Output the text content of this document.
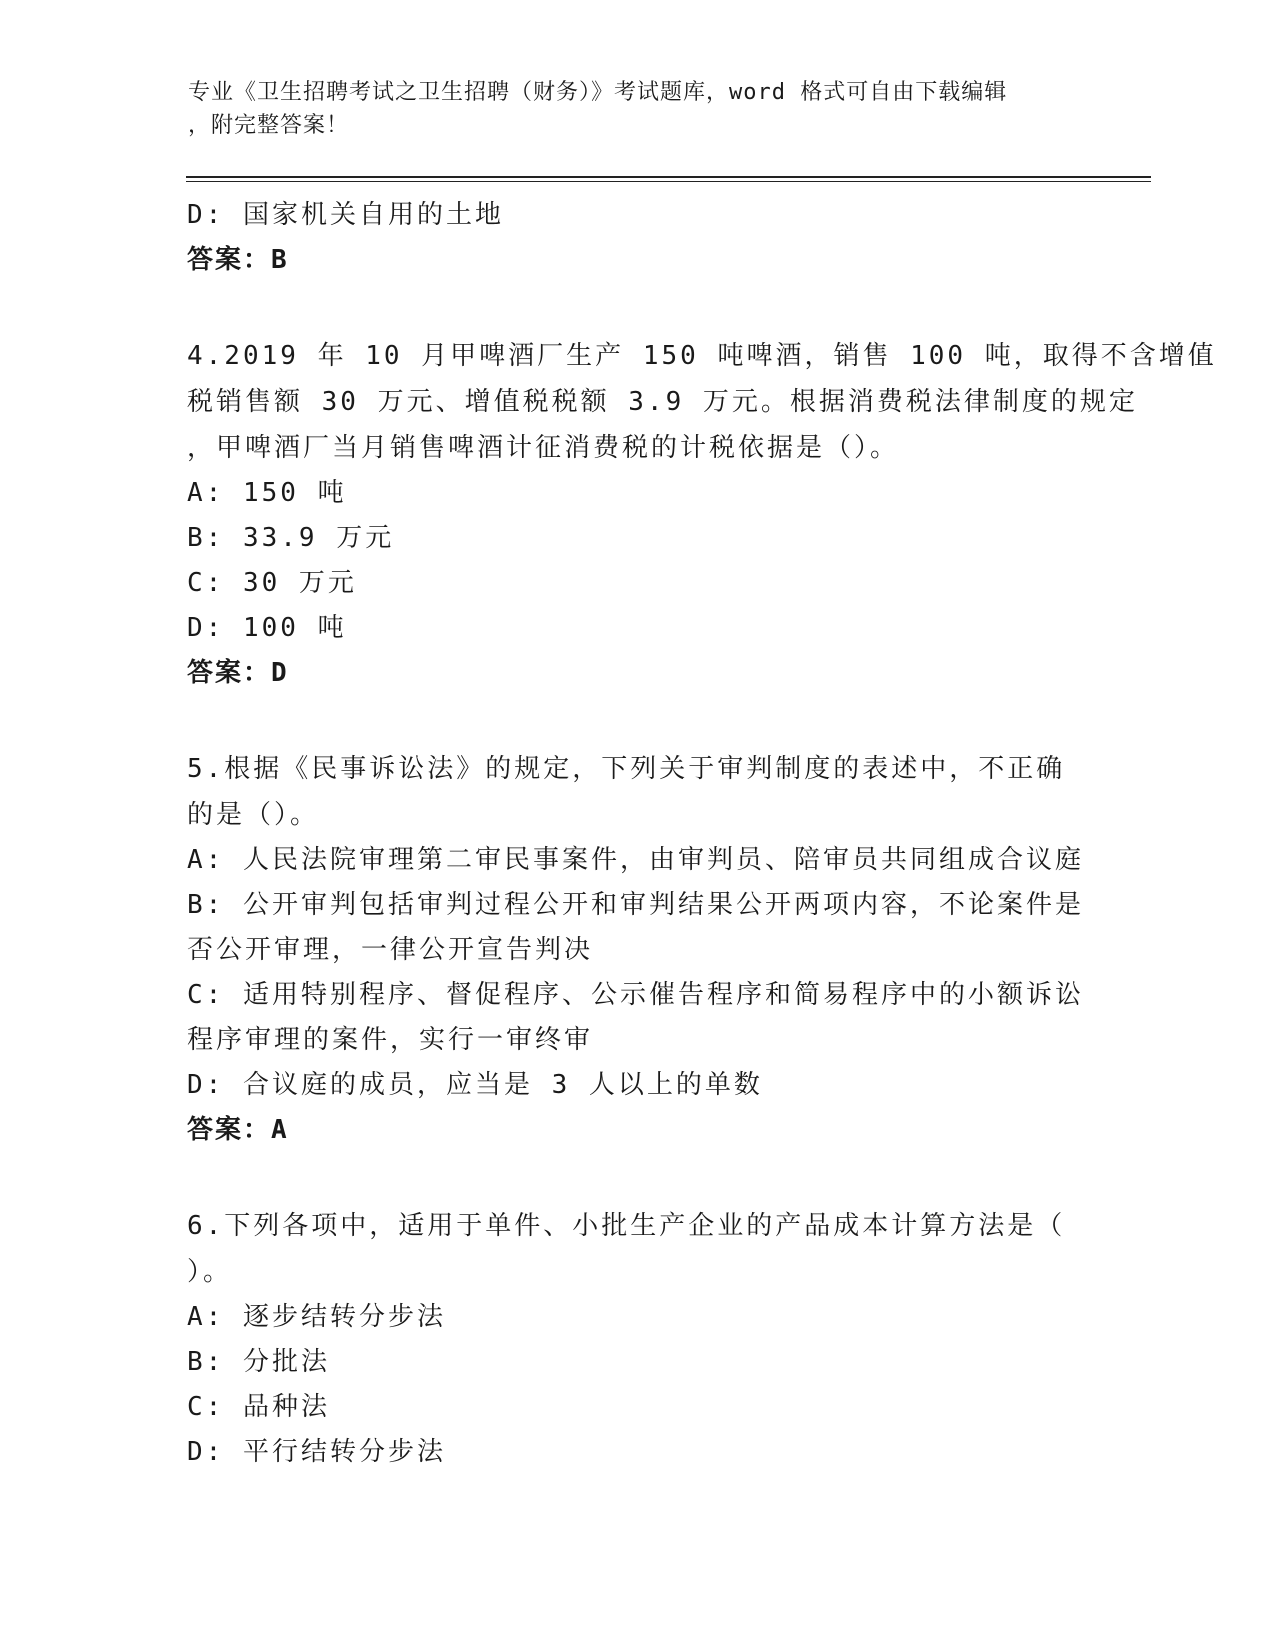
专业《卫生招聘考试之卫生招聘（财务）》考试题库，word 格式可自由下载编辑
，附完整答案！
D: 国家机关自用的土地
答案：B
4.2019 年 10 月甲啤酒厂生产 150 吨啤酒，销售 100 吨，取得不含增值
税销售额 30 万元、增值税税额 3.9 万元。根据消费税法律制度的规定
，甲啤酒厂当月销售啤酒计征消费税的计税依据是（）。
A: 150 吨
B: 33.9 万元
C: 30 万元
D: 100 吨
答案：D
5.根据《民事诉讼法》的规定，下列关于审判制度的表述中，不正确
的是（）。
A: 人民法院审理第二审民事案件，由审判员、陪审员共同组成合议庭
B: 公开审判包括审判过程公开和审判结果公开两项内容，不论案件是
否公开审理，一律公开宣告判决
C: 适用特别程序、督促程序、公示催告程序和简易程序中的小额诉讼
程序审理的案件，实行一审终审
D: 合议庭的成员，应当是 3 人以上的单数
答案：A
6.下列各项中，适用于单件、小批生产企业的产品成本计算方法是（
）。
A: 逐步结转分步法
B: 分批法
C: 品种法
D: 平行结转分步法
